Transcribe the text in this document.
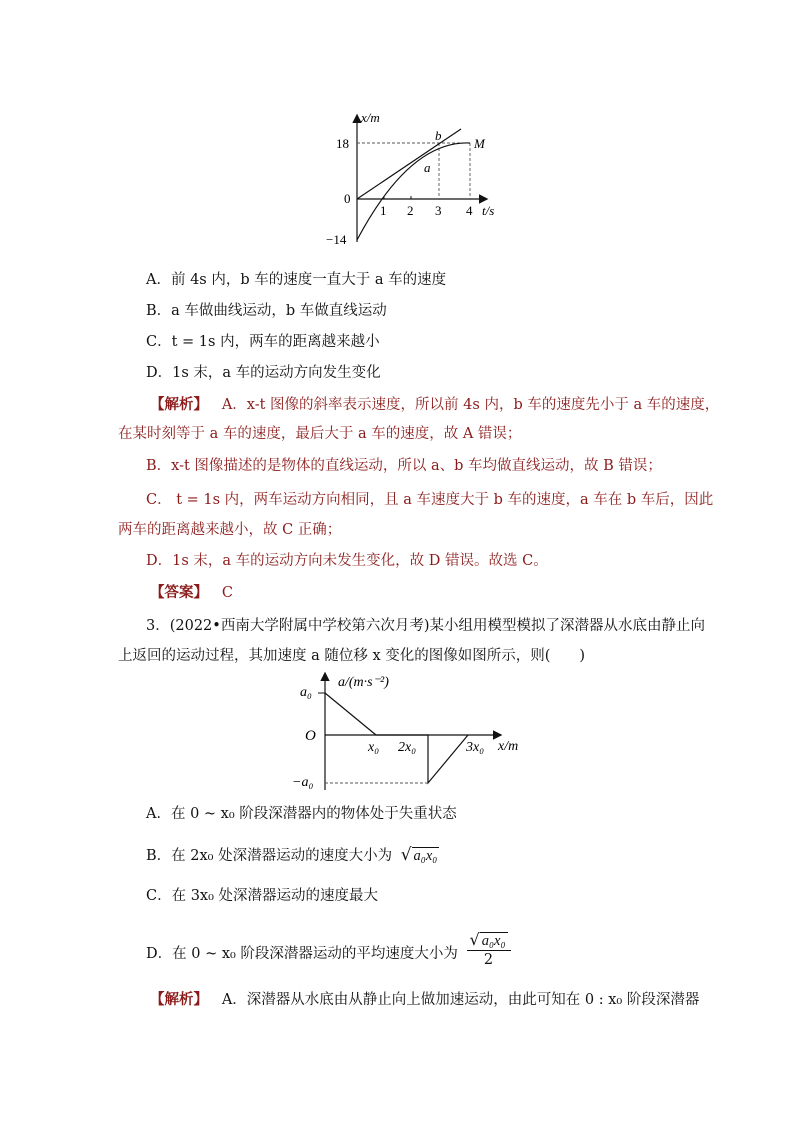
x/m
t/s
18
0
−14
1 2 3 4
b
a
M
A．前 4s 内，b 车的速度一直大于 a 车的速度
B．a 车做曲线运动，b 车做直线运动
C．t = 1s 内，两车的距离越来越小
D．1s 末，a 车的运动方向发生变化
【解析】 A．x-t 图像的斜率表示速度，所以前 4s 内，b 车的速度先小于 a 车的速度，
在某时刻等于 a 车的速度，最后大于 a 车的速度，故 A 错误；
B．x-t 图像描述的是物体的直线运动，所以 a、b 车均做直线运动，故 B 错误；
C． t = 1s 内，两车运动方向相同，且 a 车速度大于 b 车的速度，a 车在 b 车后，因此
两车的距离越来越小，故 C 正确；
D．1s 末，a 车的运动方向未发生变化，故 D 错误。故选 C。
【答案】 C
3．(2022•西南大学附属中学校第六次月考)某小组用模型模拟了深潜器从水底由静止向
上返回的运动过程，其加速度 a 随位移 x 变化的图像如图所示，则(　　)
a/(m·s⁻²)
x/m
a₀
O
−a₀
x₀ 2x₀	3x₀
A．在 0 ~ x₀ 阶段深潜器内的物体处于失重状态
B．在 2x₀ 处深潜器运动的速度大小为 √ a₀x₀
C．在 3x₀ 处深潜器运动的速度最大
D．在 0 ~ x₀ 阶段深潜器运动的平均速度大小为 $\frac{\text{√ a₀x₀}}{2}$
【解析】 A．深潜器从水底由从静止向上做加速运动，由此可知在 0 : x₀ 阶段深潜器
